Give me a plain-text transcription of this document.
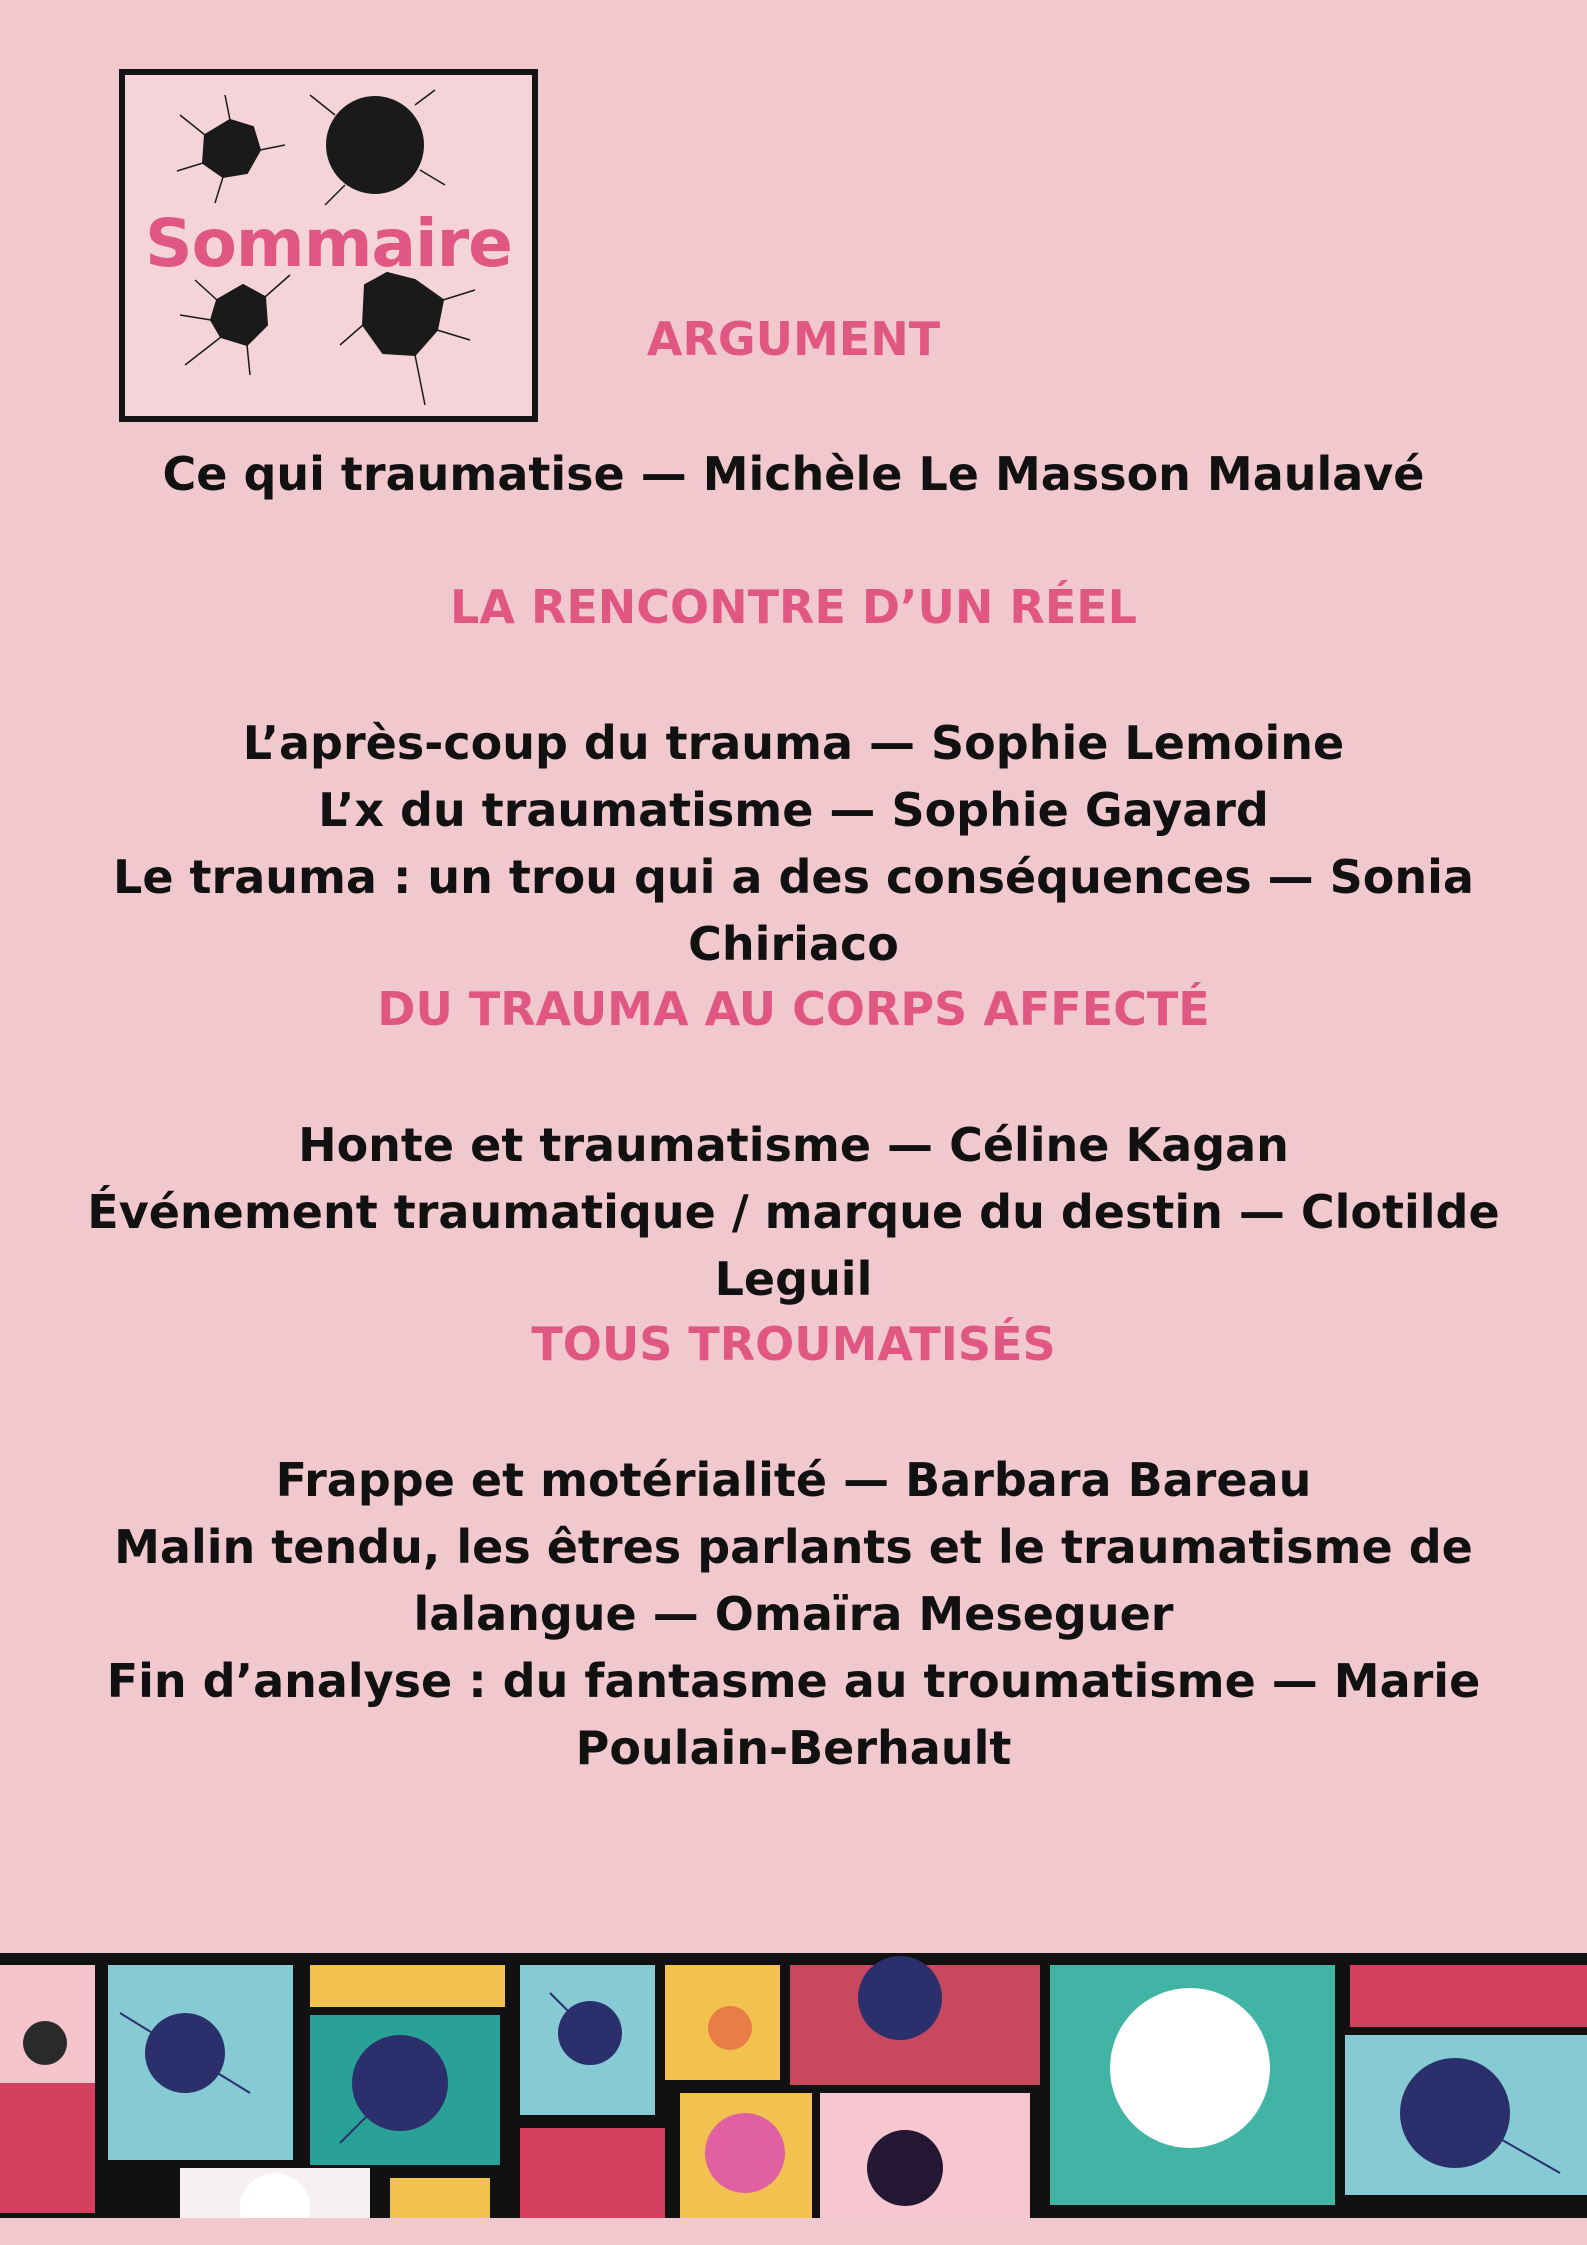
Sommaire
ARGUMENT
Ce qui traumatise — Michèle Le Masson Maulavé
LA RENCONTRE D’UN RÉEL
L’après-coup du trauma — Sophie Lemoine
L’x du traumatisme — Sophie Gayard
Le trauma : un trou qui a des conséquences — Sonia Chiriaco
DU TRAUMA AU CORPS AFFECTÉ
Honte et traumatisme — Céline Kagan
Événement traumatique / marque du destin — Clotilde Leguil
TOUS TROUMATISÉS
Frappe et motérialité — Barbara Bareau
Malin tendu, les êtres parlants et le traumatisme de lalangue — Omaïra Meseguer
Fin d’analyse : du fantasme au troumatisme — Marie Poulain-Berhault
